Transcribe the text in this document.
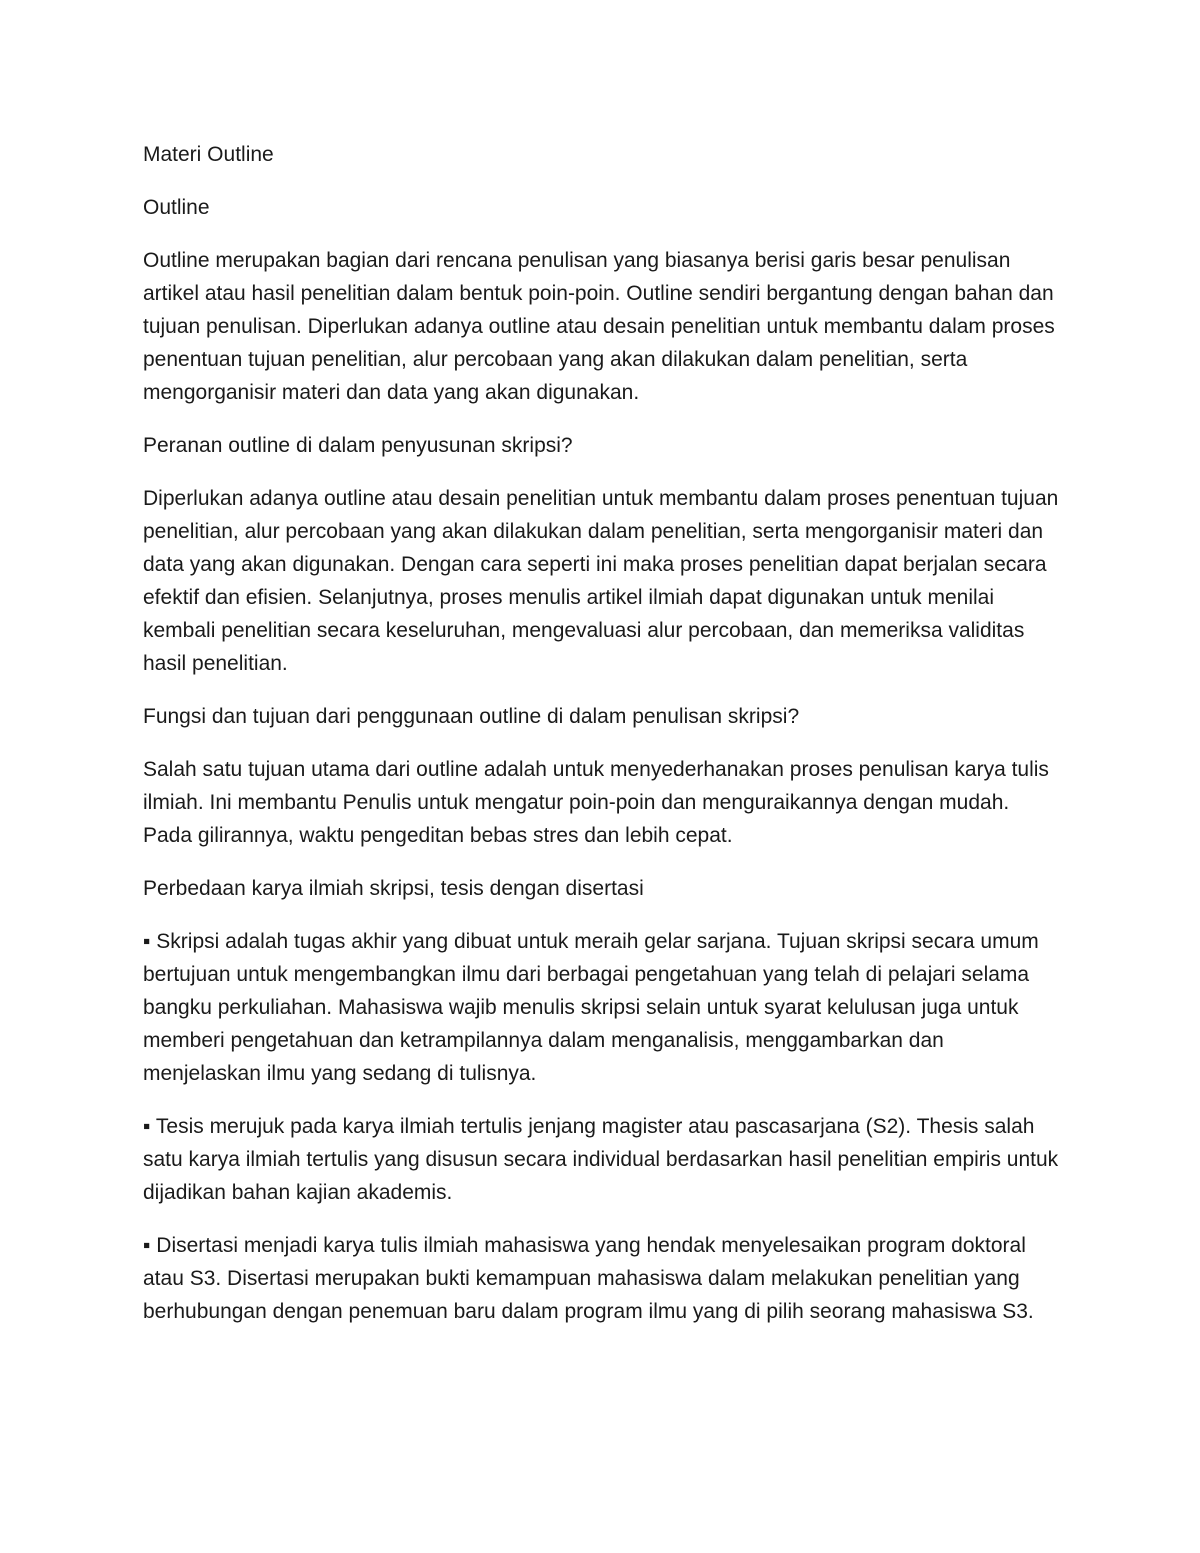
Materi Outline

Outline

Outline merupakan bagian dari rencana penulisan yang biasanya berisi garis besar penulisan artikel atau hasil penelitian dalam bentuk poin-poin. Outline sendiri bergantung dengan bahan dan tujuan penulisan. Diperlukan adanya outline atau desain penelitian untuk membantu dalam proses penentuan tujuan penelitian, alur percobaan yang akan dilakukan dalam penelitian, serta mengorganisir materi dan data yang akan digunakan.

Peranan outline di dalam penyusunan skripsi?

Diperlukan adanya outline atau desain penelitian untuk membantu dalam proses penentuan tujuan penelitian, alur percobaan yang akan dilakukan dalam penelitian, serta mengorganisir materi dan data yang akan digunakan. Dengan cara seperti ini maka proses penelitian dapat berjalan secara efektif dan efisien. Selanjutnya, proses menulis artikel ilmiah dapat digunakan untuk menilai kembali penelitian secara keseluruhan, mengevaluasi alur percobaan, dan memeriksa validitas hasil penelitian.

Fungsi dan tujuan dari penggunaan outline di dalam penulisan skripsi?

Salah satu tujuan utama dari outline adalah untuk menyederhanakan proses penulisan karya tulis ilmiah. Ini membantu Penulis untuk mengatur poin-poin dan menguraikannya dengan mudah. Pada gilirannya, waktu pengeditan bebas stres dan lebih cepat.

Perbedaan karya ilmiah skripsi, tesis dengan disertasi

▪ Skripsi adalah tugas akhir yang dibuat untuk meraih gelar sarjana. Tujuan skripsi secara umum bertujuan untuk mengembangkan ilmu dari berbagai pengetahuan yang telah di pelajari selama bangku perkuliahan. Mahasiswa wajib menulis skripsi selain untuk syarat kelulusan juga untuk memberi pengetahuan dan ketrampilannya dalam menganalisis, menggambarkan dan menjelaskan ilmu yang sedang di tulisnya.

▪ Tesis merujuk pada karya ilmiah tertulis jenjang magister atau pascasarjana (S2). Thesis salah satu karya ilmiah tertulis yang disusun secara individual berdasarkan hasil penelitian empiris untuk dijadikan bahan kajian akademis.

▪ Disertasi menjadi karya tulis ilmiah mahasiswa yang hendak menyelesaikan program doktoral atau S3. Disertasi merupakan bukti kemampuan mahasiswa dalam melakukan penelitian yang berhubungan dengan penemuan baru dalam program ilmu yang di pilih seorang mahasiswa S3.
